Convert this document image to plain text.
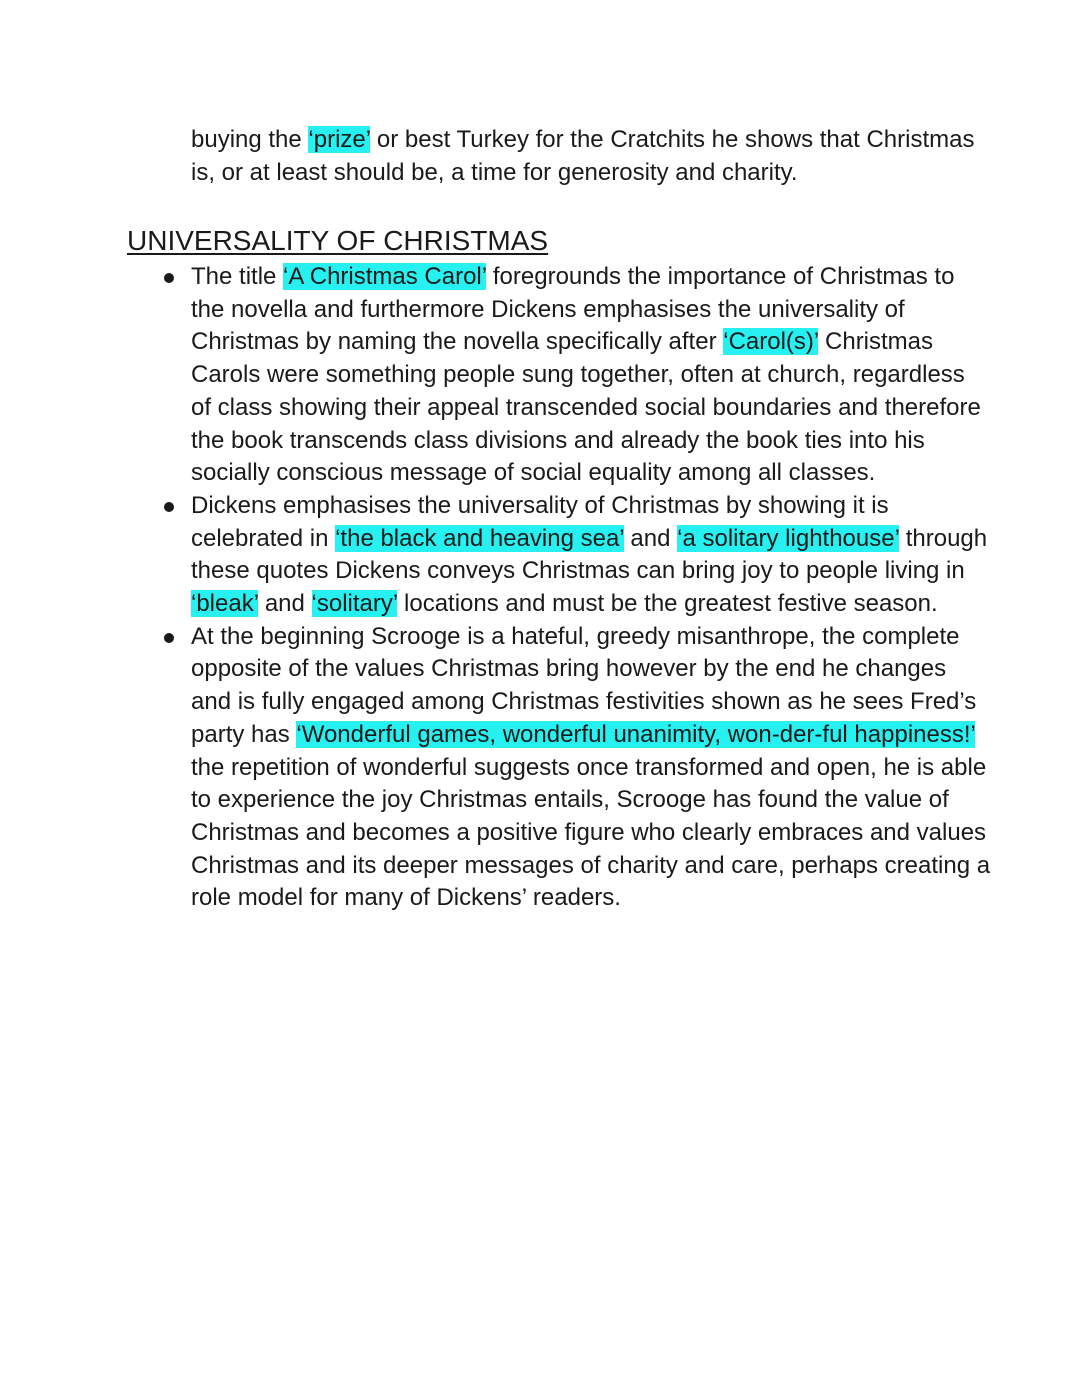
buying the ‘prize’ or best Turkey for the Cratchits he shows that Christmas is, or at least should be, a time for generosity and charity.

UNIVERSALITY OF CHRISTMAS
The title ‘A Christmas Carol’ foregrounds the importance of Christmas to the novella and furthermore Dickens emphasises the universality of Christmas by naming the novella specifically after ‘Carol(s)’ Christmas Carols were something people sung together, often at church, regardless of class showing their appeal transcended social boundaries and therefore the book transcends class divisions and already the book ties into his socially conscious message of social equality among all classes.
Dickens emphasises the universality of Christmas by showing it is celebrated in ‘the black and heaving sea’ and ‘a solitary lighthouse’ through these quotes Dickens conveys Christmas can bring joy to people living in ‘bleak’ and ‘solitary’ locations and must be the greatest festive season.
At the beginning Scrooge is a hateful, greedy misanthrope, the complete opposite of the values Christmas bring however by the end he changes and is fully engaged among Christmas festivities shown as he sees Fred’s party has ‘Wonderful games, wonderful unanimity, won-der-ful happiness!’ the repetition of wonderful suggests once transformed and open, he is able to experience the joy Christmas entails, Scrooge has found the value of Christmas and becomes a positive figure who clearly embraces and values Christmas and its deeper messages of charity and care, perhaps creating a role model for many of Dickens’ readers.
